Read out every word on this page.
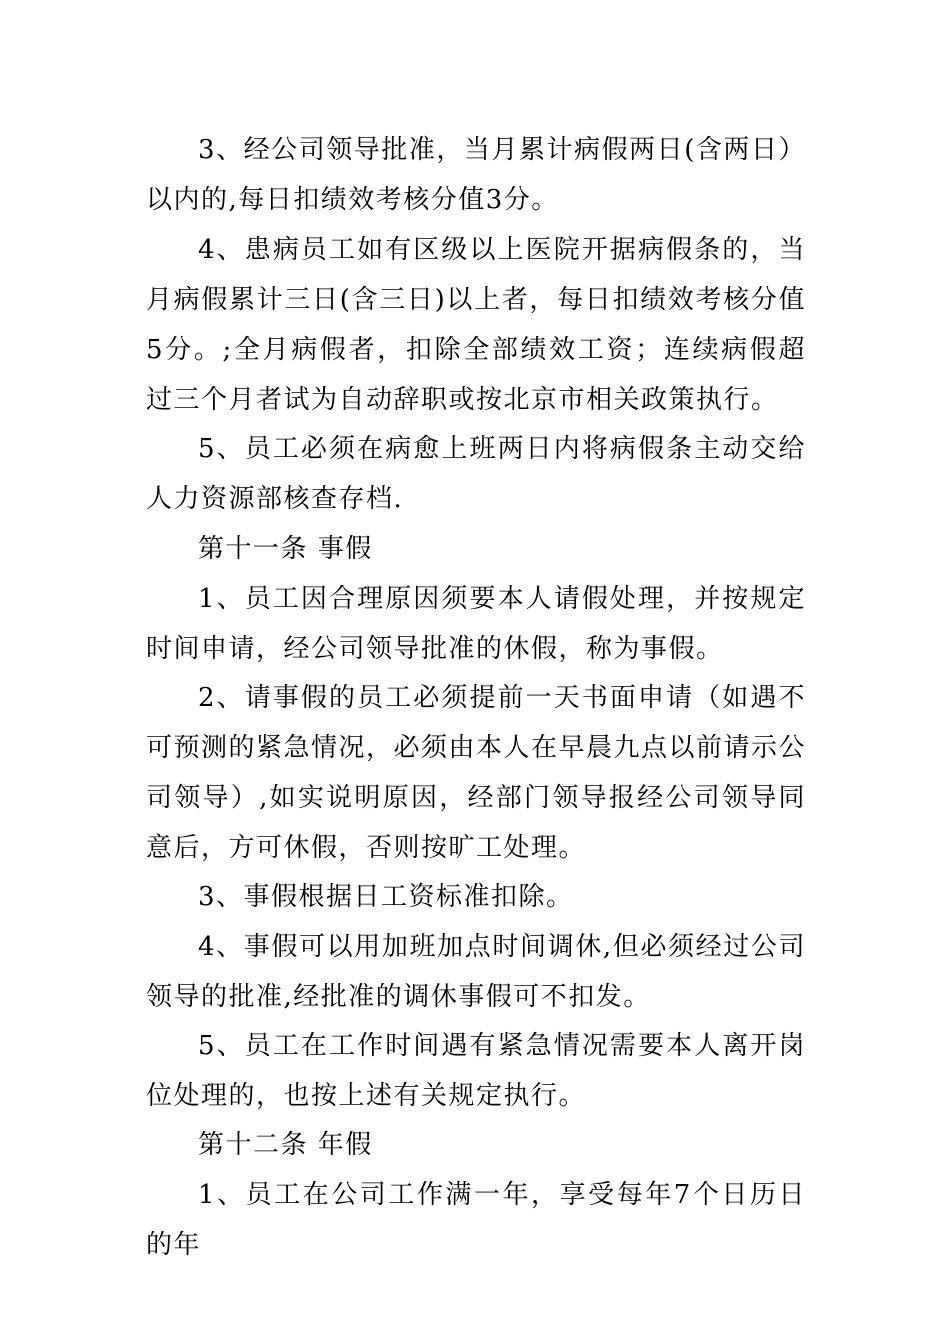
3、经公司领导批准，当月累计病假两日(含两日）以内的,每日扣绩效考核分值3分。

4、患病员工如有区级以上医院开据病假条的，当月病假累计三日(含三日)以上者，每日扣绩效考核分值5分。;全月病假者，扣除全部绩效工资；连续病假超过三个月者试为自动辞职或按北京市相关政策执行。

5、员工必须在病愈上班两日内将病假条主动交给人力资源部核查存档.

第十一条 事假

1、员工因合理原因须要本人请假处理，并按规定时间申请，经公司领导批准的休假，称为事假。

2、请事假的员工必须提前一天书面申请（如遇不可预测的紧急情况，必须由本人在早晨九点以前请示公司领导）,如实说明原因，经部门领导报经公司领导同意后，方可休假，否则按旷工处理。

3、事假根据日工资标准扣除。

4、事假可以用加班加点时间调休,但必须经过公司领导的批准,经批准的调休事假可不扣发。

5、员工在工作时间遇有紧急情况需要本人离开岗位处理的，也按上述有关规定执行。

第十二条 年假

1、员工在公司工作满一年，享受每年7个日历日的年
